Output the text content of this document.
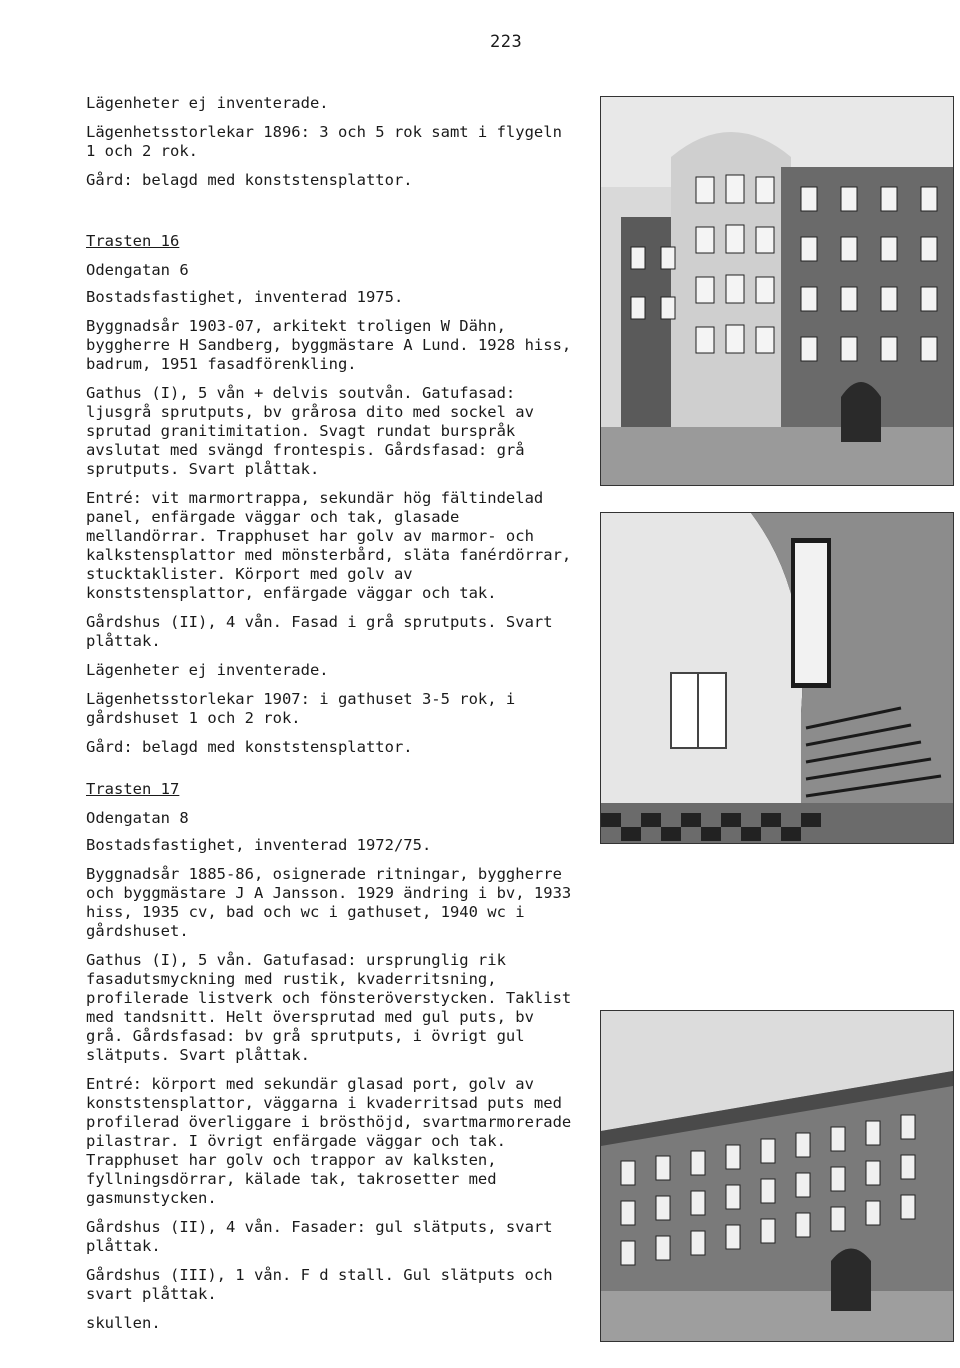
223

Lägenheter ej inventerade.

Lägenhetsstorlekar 1896: 3 och 5 rok samt i flygeln 1 och 2 rok.

Gård: belagd med konststensplattor.

Trasten 16

Odengatan 6

Bostadsfastighet, inventerad 1975.

Byggnadsår 1903-07, arkitekt troligen W Dähn, byggherre H Sandberg, byggmästare A Lund. 1928 hiss, badrum, 1951 fasadförenkling.

Gathus (I), 5 vån + delvis soutvån. Gatufasad: ljusgrå sprutputs, bv grårosa dito med sockel av sprutad granitimitation. Svagt rundat burspråk avslutat med svängd frontespis. Gårdsfasad: grå sprutputs. Svart plåttak.

Entré: vit marmortrappa, sekundär hög fältindelad panel, enfärgade väggar och tak, glasade mellandörrar. Trapphuset har golv av marmor- och kalkstensplattor med mönsterbård, släta fanérdörrar, stucktaklister. Körport med golv av konststensplattor, enfärgade väggar och tak.

Gårdshus (II), 4 vån. Fasad i grå sprutputs. Svart plåttak.

Lägenheter ej inventerade.

Lägenhetsstorlekar 1907: i gathuset 3-5 rok, i gårdshuset 1 och 2 rok.

Gård: belagd med konststensplattor.

Trasten 17

Odengatan 8

Bostadsfastighet, inventerad 1972/75.

Byggnadsår 1885-86, osignerade ritningar, byggherre och byggmästare J A Jansson. 1929 ändring i bv, 1933 hiss, 1935 cv, bad och wc i gathuset, 1940 wc i gårdshuset.

Gathus (I), 5 vån. Gatufasad: ursprunglig rik fasadutsmyckning med rustik, kvaderritsning, profilerade listverk och fönsteröverstycken. Taklist med tandsnitt. Helt översprutad med gul puts, bv grå. Gårdsfasad: bv grå sprutputs, i övrigt gul slätputs. Svart plåttak.

Entré: körport med sekundär glasad port, golv av konststensplattor, väggarna i kvaderritsad puts med profilerad överliggare i brösthöjd, svartmarmorerade pilastrar. I övrigt enfärgade väggar och tak. Trapphuset har golv och trappor av kalksten, fyllningsdörrar, kälade tak, takrosetter med gasmunstycken.

Gårdshus (II), 4 vån. Fasader: gul slätputs, svart plåttak.

Gårdshus (III), 1 vån. F d stall. Gul slätputs och svart plåttak.

skullen.
